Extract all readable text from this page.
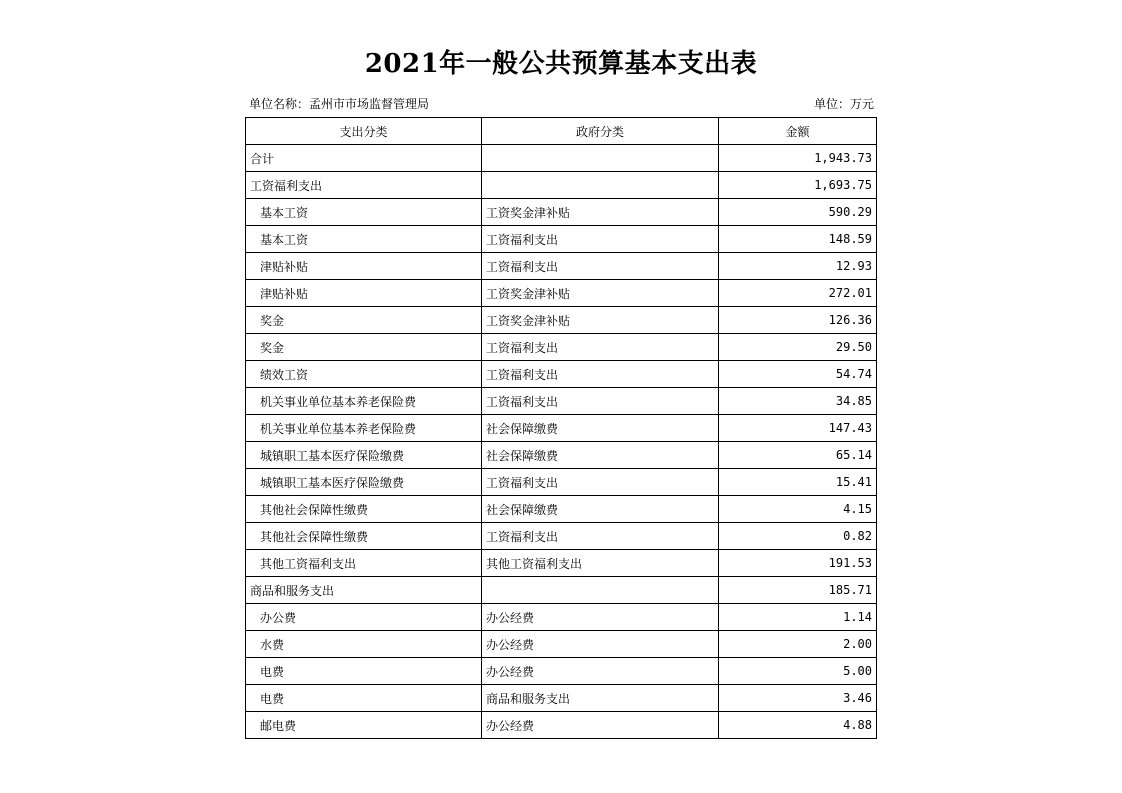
2021年一般公共预算基本支出表
单位名称：孟州市市场监督管理局	单位：万元
支出分类	政府分类	金额
合计		1,943.73
工资福利支出		1,693.75
基本工资	工资奖金津补贴	590.29
基本工资	工资福利支出	148.59
津贴补贴	工资福利支出	12.93
津贴补贴	工资奖金津补贴	272.01
奖金	工资奖金津补贴	126.36
奖金	工资福利支出	29.50
绩效工资	工资福利支出	54.74
机关事业单位基本养老保险费	工资福利支出	34.85
机关事业单位基本养老保险费	社会保障缴费	147.43
城镇职工基本医疗保险缴费	社会保障缴费	65.14
城镇职工基本医疗保险缴费	工资福利支出	15.41
其他社会保障性缴费	社会保障缴费	4.15
其他社会保障性缴费	工资福利支出	0.82
其他工资福利支出	其他工资福利支出	191.53
商品和服务支出		185.71
办公费	办公经费	1.14
水费	办公经费	2.00
电费	办公经费	5.00
电费	商品和服务支出	3.46
邮电费	办公经费	4.88
